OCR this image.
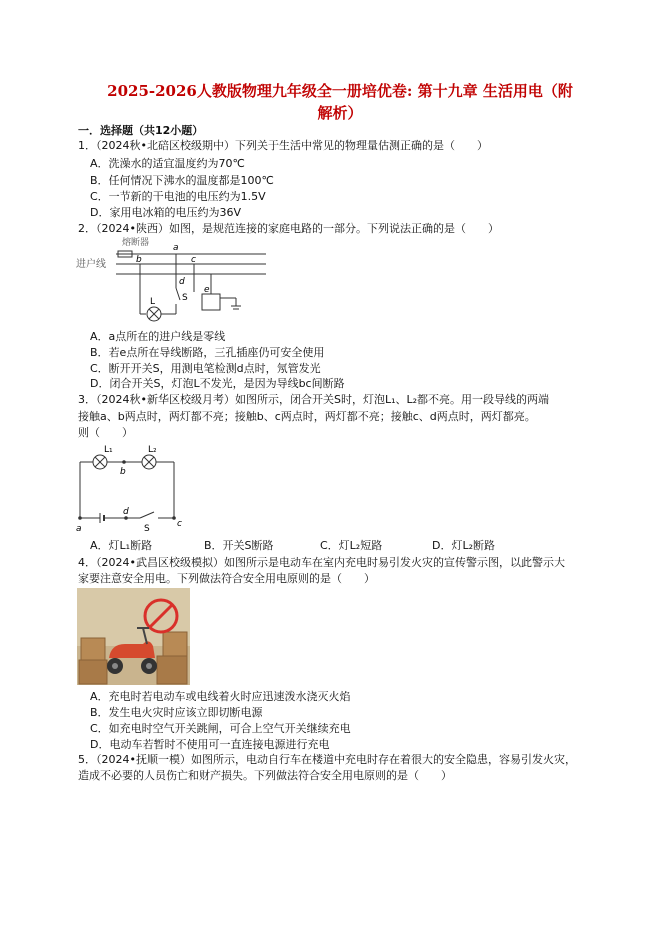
2025-2026人教版物理九年级全一册培优卷: 第十九章 生活用电（附
解析）
一．选择题（共12小题）
1．（2024秋•北碚区校级期中）下列关于生活中常见的物理量估测正确的是（　　）
A．洗澡水的适宜温度约为70℃
B．任何情况下沸水的温度都是100℃
C．一节新的干电池的电压约为1.5V
D．家用电冰箱的电压约为36V
2．（2024•陕西）如图，是规范连接的家庭电路的一部分。下列说法正确的是（　　）
熔断器
进户线
a
b	c
d
e
L	S
A．a点所在的进户线是零线
B．若e点所在导线断路，三孔插座仍可安全使用
C．断开开关S，用测电笔检测d点时，氖管发光
D．闭合开关S，灯泡L不发光，是因为导线bc间断路
3．（2024秋•新华区校级月考）如图所示，闭合开关S时，灯泡L₁、L₂都不亮。用一段导线的两端
接触a、b两点时，两灯都不亮；接触b、c两点时，两灯都不亮；接触c、d两点时，两灯都亮。
则（　　）
L₁	L₂
a
b
c
d
S
A．灯L₁断路	B．开关S断路	C．灯L₂短路	D．灯L₂断路
4．（2024•武昌区校级模拟）如图所示是电动车在室内充电时易引发火灾的宣传警示图，以此警示大
家要注意安全用电。下列做法符合安全用电原则的是（　　）
A．充电时若电动车或电线着火时应迅速泼水浇灭火焰
B．发生电火灾时应该立即切断电源
C．如充电时空气开关跳闸，可合上空气开关继续充电
D．电动车若暂时不使用可一直连接电源进行充电
5．（2024•抚顺一模）如图所示，电动自行车在楼道中充电时存在着很大的安全隐患，容易引发火灾，
造成不必要的人员伤亡和财产损失。下列做法符合安全用电原则的是（　　）
